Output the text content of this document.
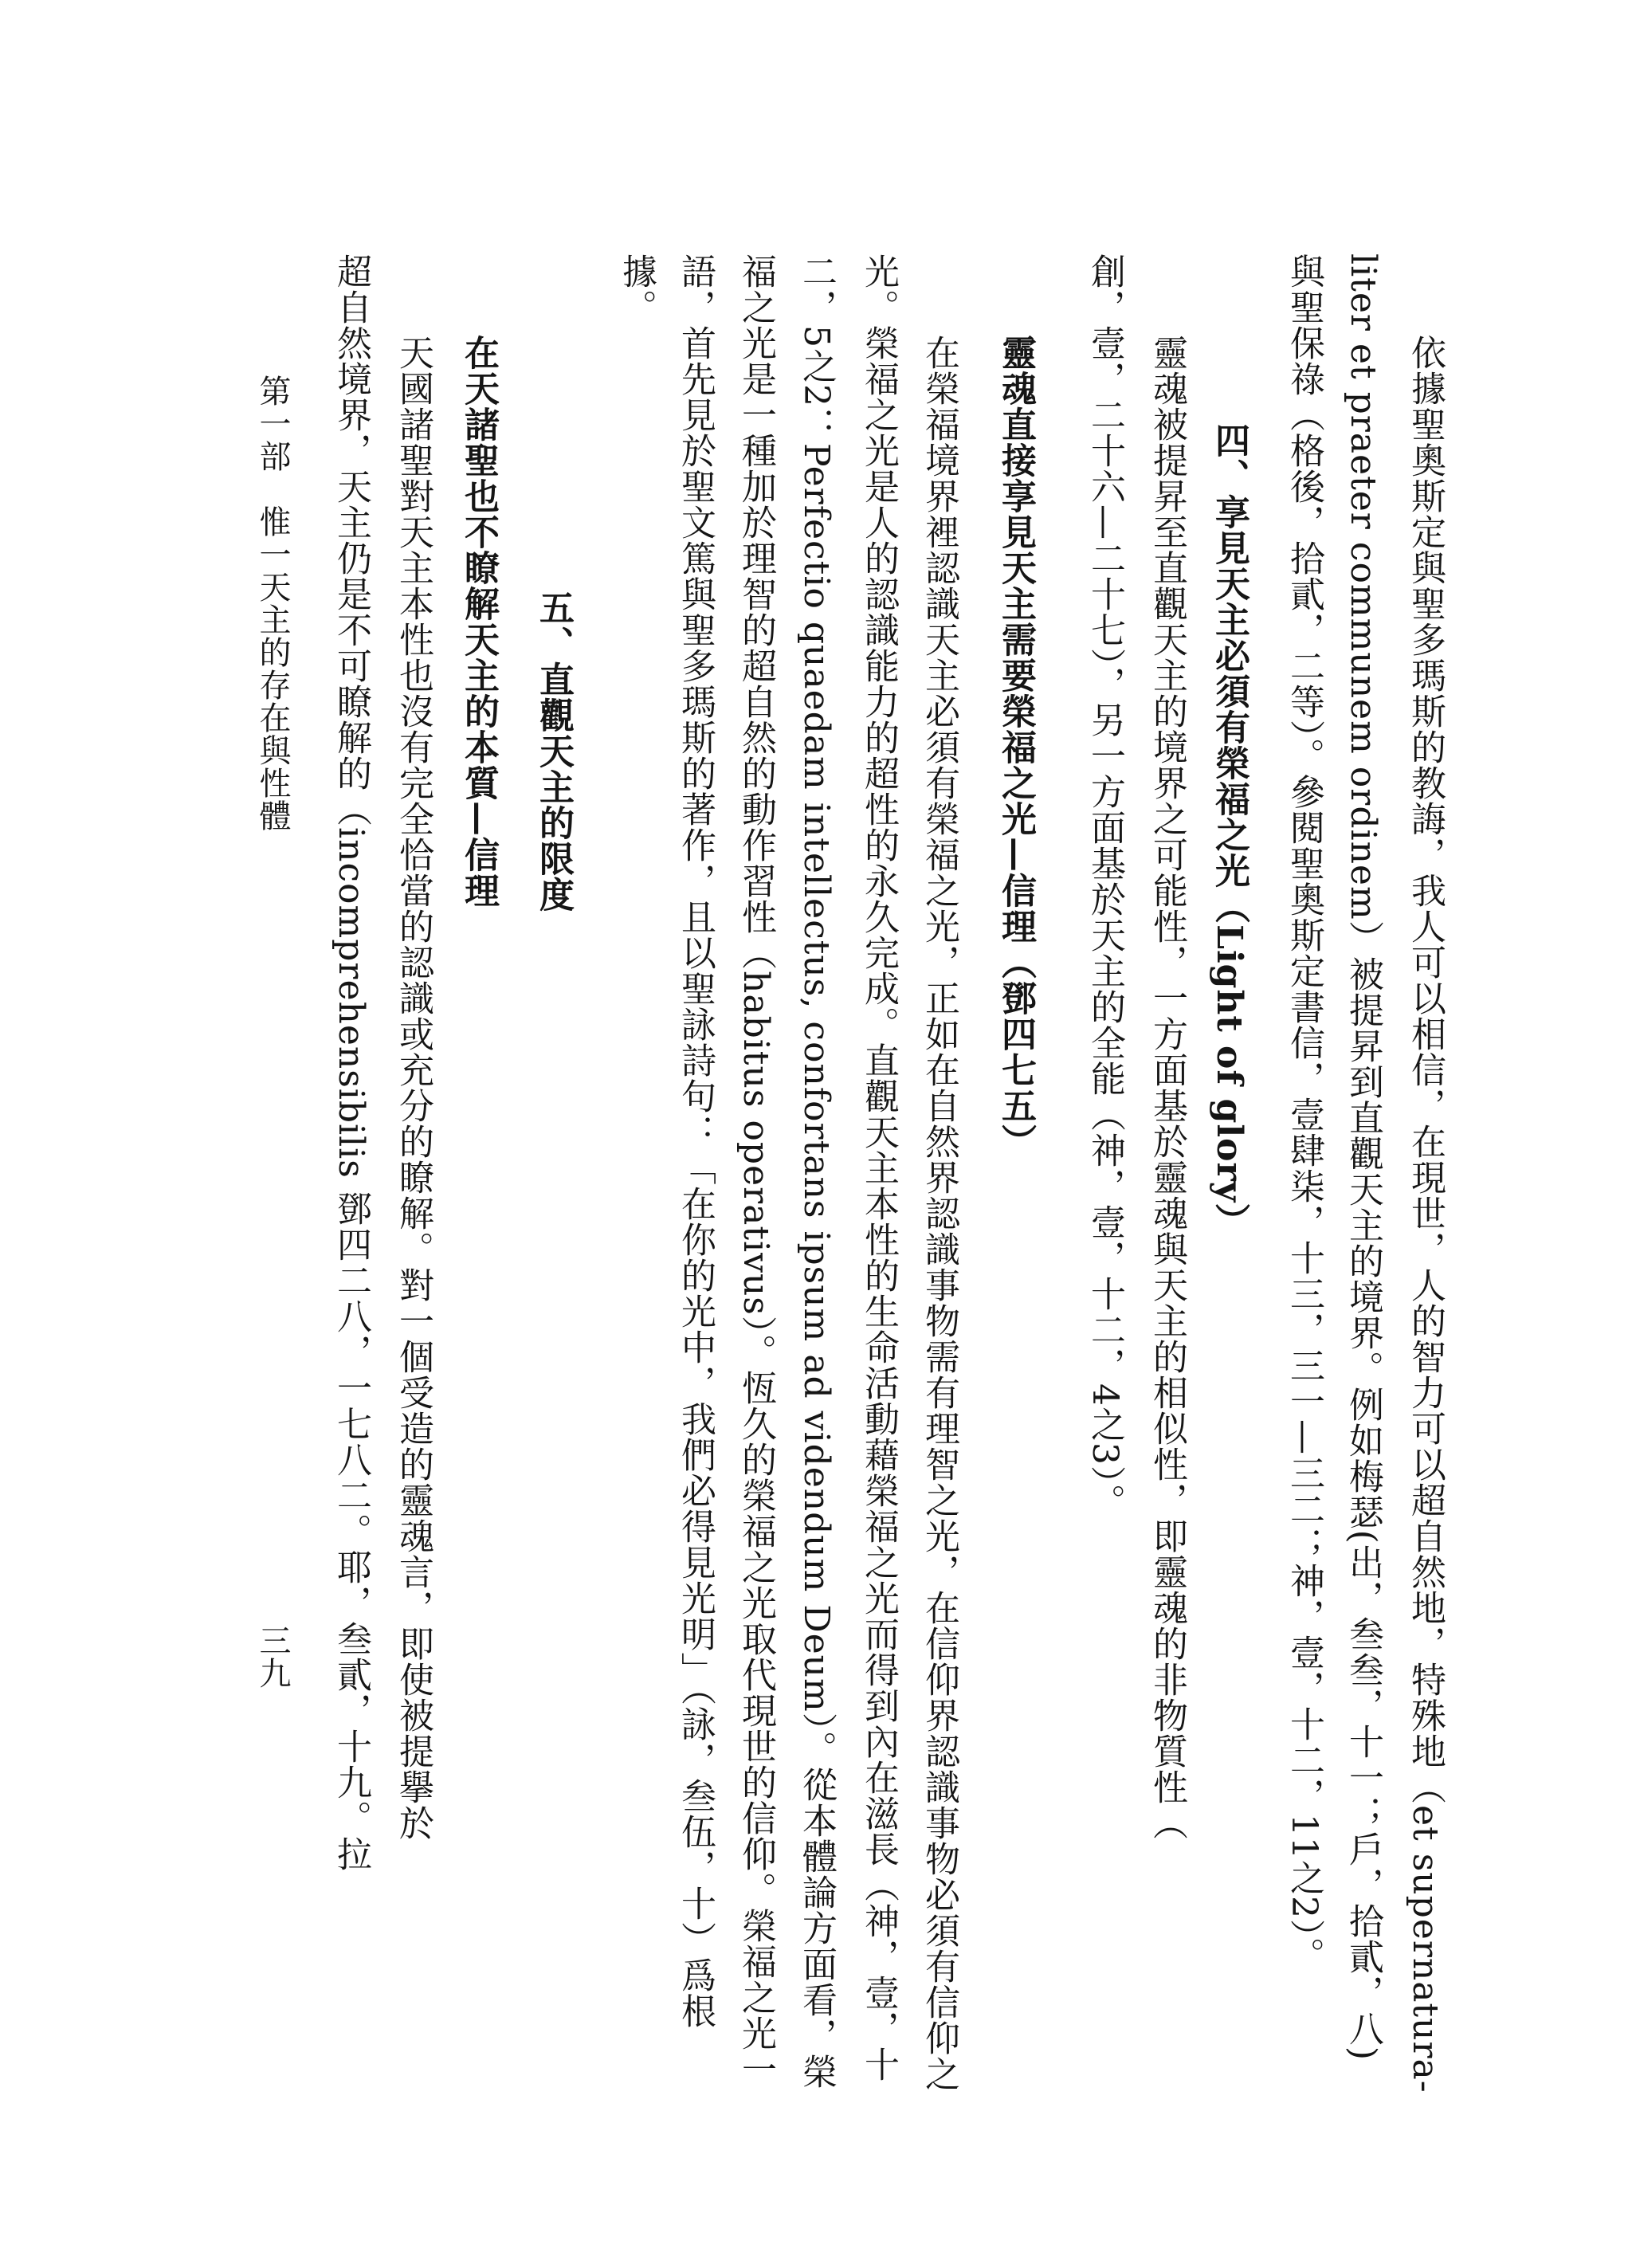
三九	依據聖奧斯定與聖多瑪斯的教誨，我人可以相信，在現世，人的智力可以超自然地，特殊地（et supernatura-
liter et praeter communem ordinem）被提昇到直觀天主的境界。例如梅瑟(出，叁叁，十一；戶，拾貳，八)
與聖保祿（格後，拾貳，二等）。參閱聖奧斯定書信，壹肆柒，十三，三一—三二；神，壹，十二，11之2）。
四、享見天主必須有榮福之光（Light of glory）
靈魂被提昇至直觀天主的境界之可能性，一方面基於靈魂與天主的相似性，即靈魂的非物質性（
創，壹，二十六—二十七），另一方面基於天主的全能（神，壹，十二，4之3）。
靈魂直接享見天主需要榮福之光—信理（鄧四七五）
在榮福境界裡認識天主必須有榮福之光，正如在自然界認識事物需有理智之光，在信仰界認識事物必須有信仰之
光。榮福之光是人的認識能力的超性的永久完成。直觀天主本性的生命活動藉榮福之光而得到內在滋長（神，壹，十
二，5之2：Perfectio quaedam intellectus, confortans ipsum ad videndum Deum）。從本體論方面看，榮
福之光是一種加於理智的超自然的動作習性（habitus operativus）。恆久的榮福之光取代現世的信仰。榮福之光一
語，首先見於聖文篤與聖多瑪斯的著作，且以聖詠詩句：「在你的光中，我們必得見光明」（詠，叁伍，十）爲根
據。
五、直觀天主的限度
在天諸聖也不瞭解天主的本質—信理
天國諸聖對天主本性也沒有完全恰當的認識或充分的瞭解。對一個受造的靈魂言，即使被提擧於
超自然境界，天主仍是不可瞭解的（incomprehensibilis 鄧四二八，一七八二。耶，叁貳，十九。拉
第一部　惟一天主的存在與性體
